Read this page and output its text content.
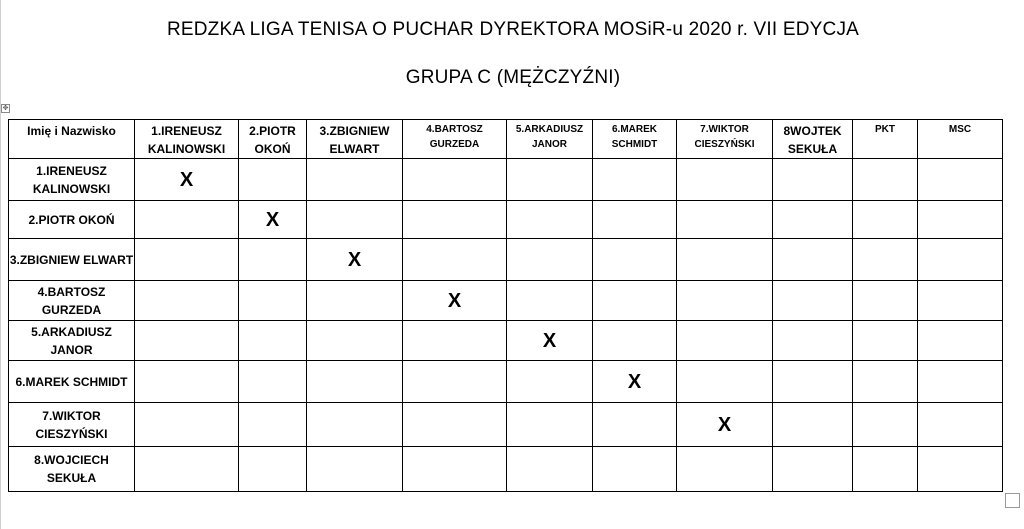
REDZKA LIGA TENISA O PUCHAR DYREKTORA MOSiR-u 2020 r. VII EDYCJA
GRUPA C (MĘŻCZYŹNI)
✥
Imię i Nazwisko	1.IRENEUSZ KALINOWSKI	2.PIOTR OKOŃ	3.ZBIGNIEW ELWART	4.BARTOSZ GURZEDA	5.ARKADIUSZ JANOR	6.MAREK SCHMIDT	7.WIKTOR CIESZYŃSKI	8WOJTEK SEKUŁA	PKT	MSC
1.IRENEUSZ KALINOWSKI	X									
2.PIOTR OKOŃ		X								
3.ZBIGNIEW ELWART			X							
4.BARTOSZ GURZEDA				X						
5.ARKADIUSZ JANOR					X					
6.MAREK SCHMIDT						X				
7.WIKTOR CIESZYŃSKI							X			
8.WOJCIECH SEKUŁA										
